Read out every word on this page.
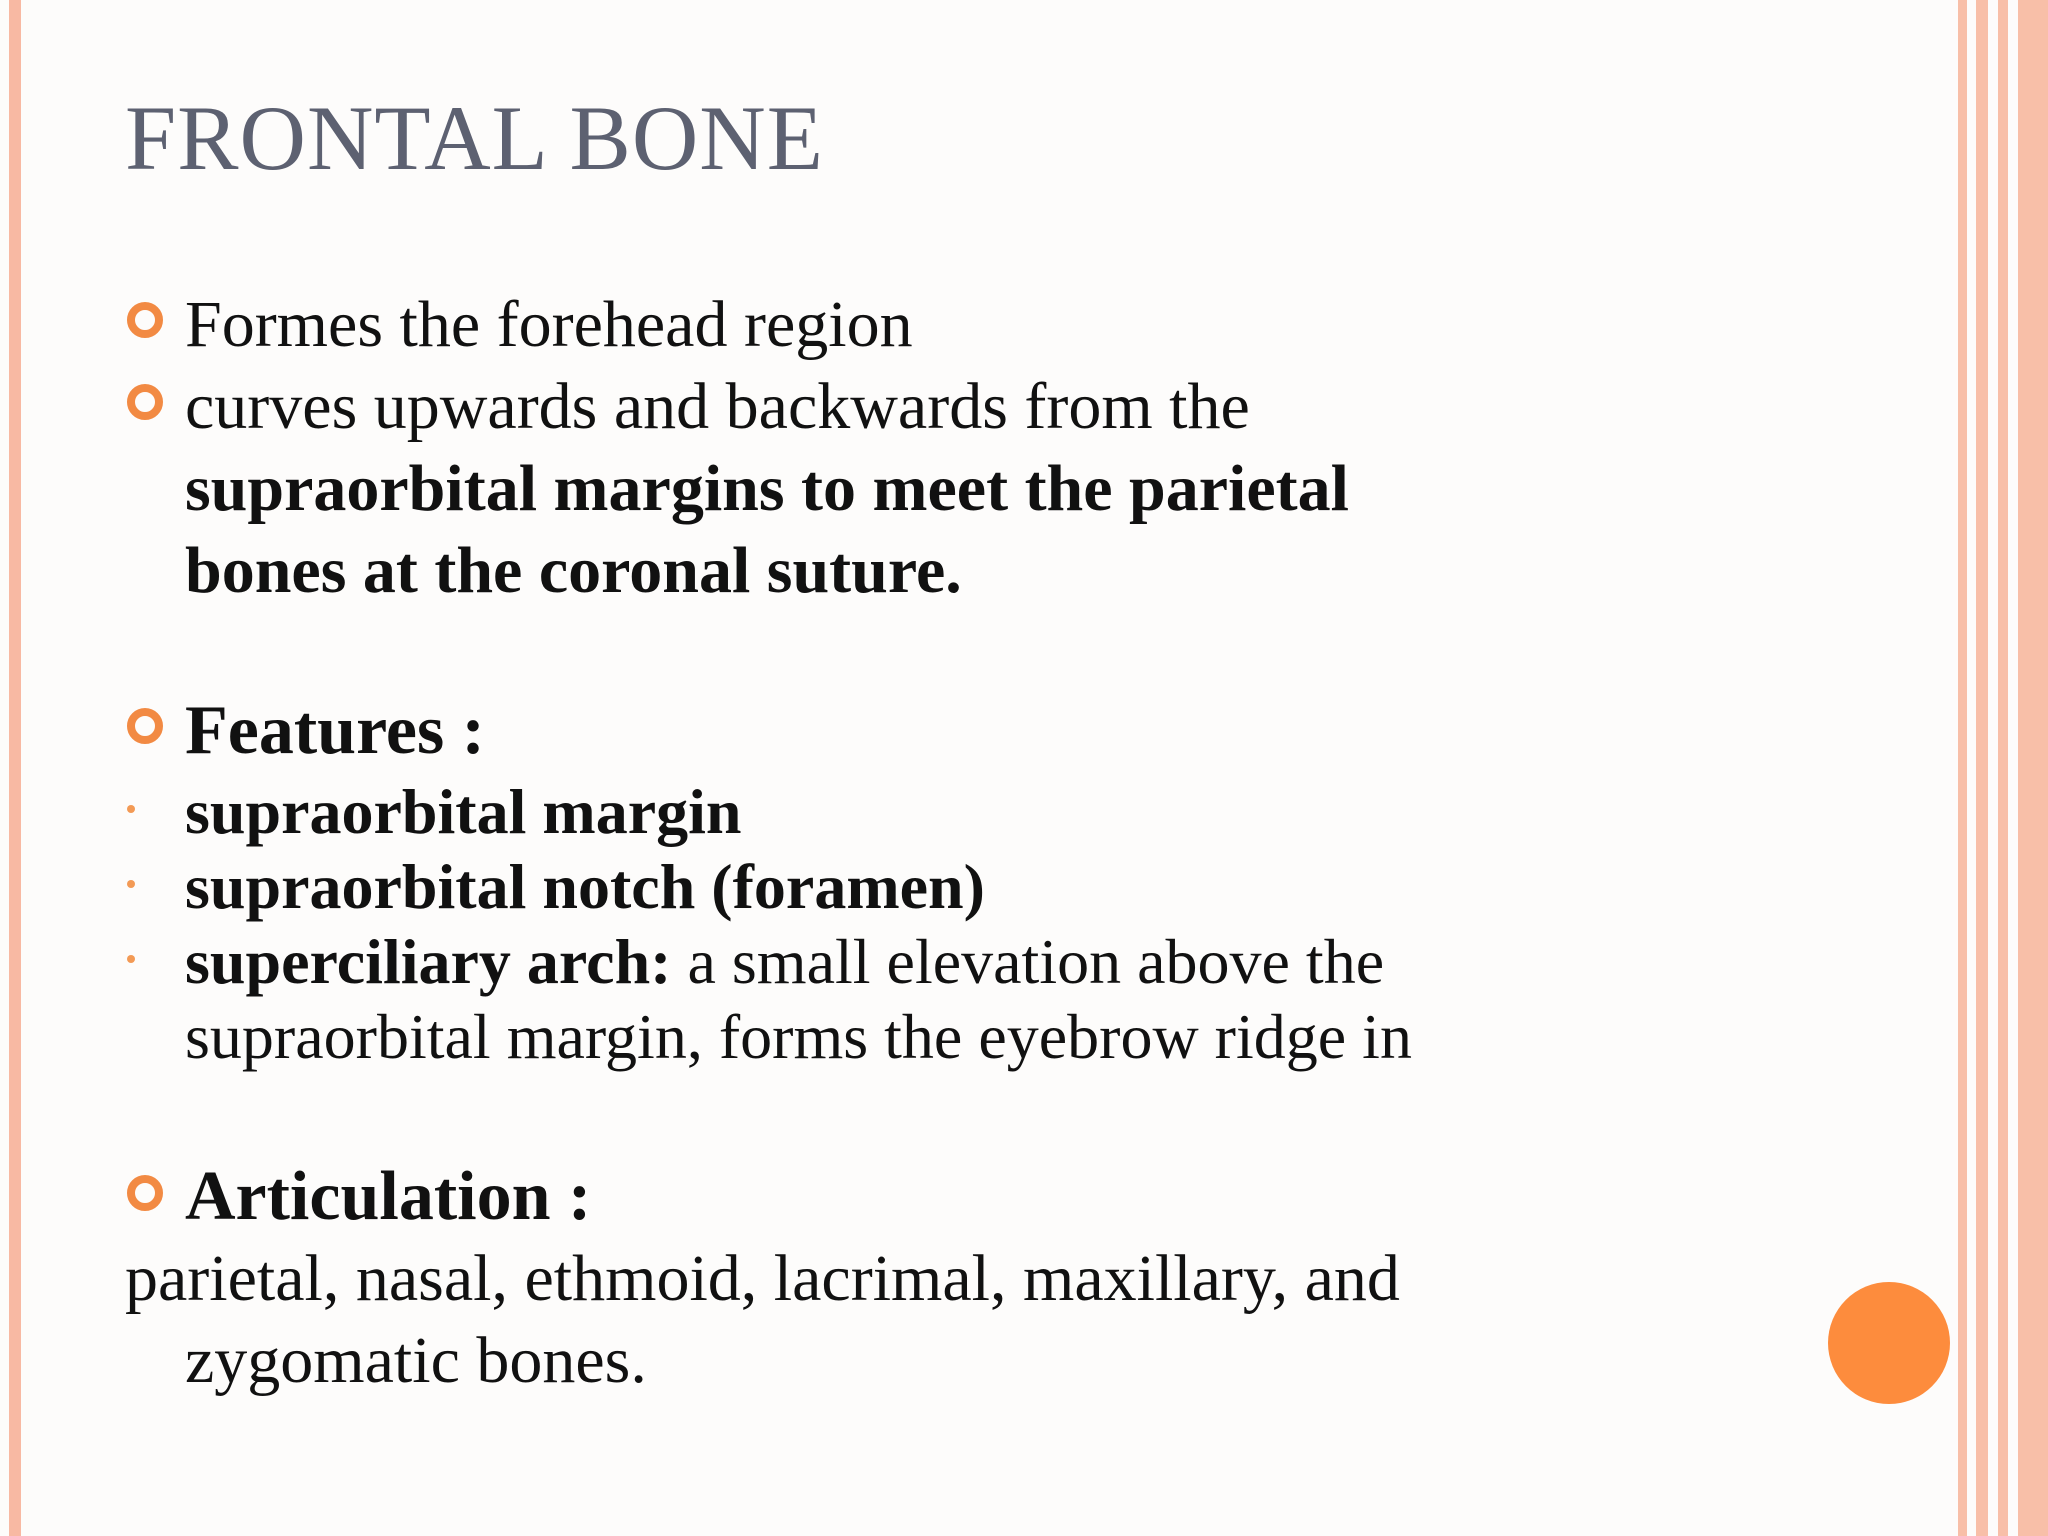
FRONTAL BONE
Formes the forehead region
curves upwards and backwards from the
supraorbital margins to meet the parietal
bones at the coronal suture.
Features :
supraorbital margin
supraorbital notch (foramen)
superciliary arch: a small elevation above the
supraorbital margin, forms the eyebrow ridge in
Articulation :
parietal, nasal, ethmoid, lacrimal, maxillary, and
zygomatic bones.
